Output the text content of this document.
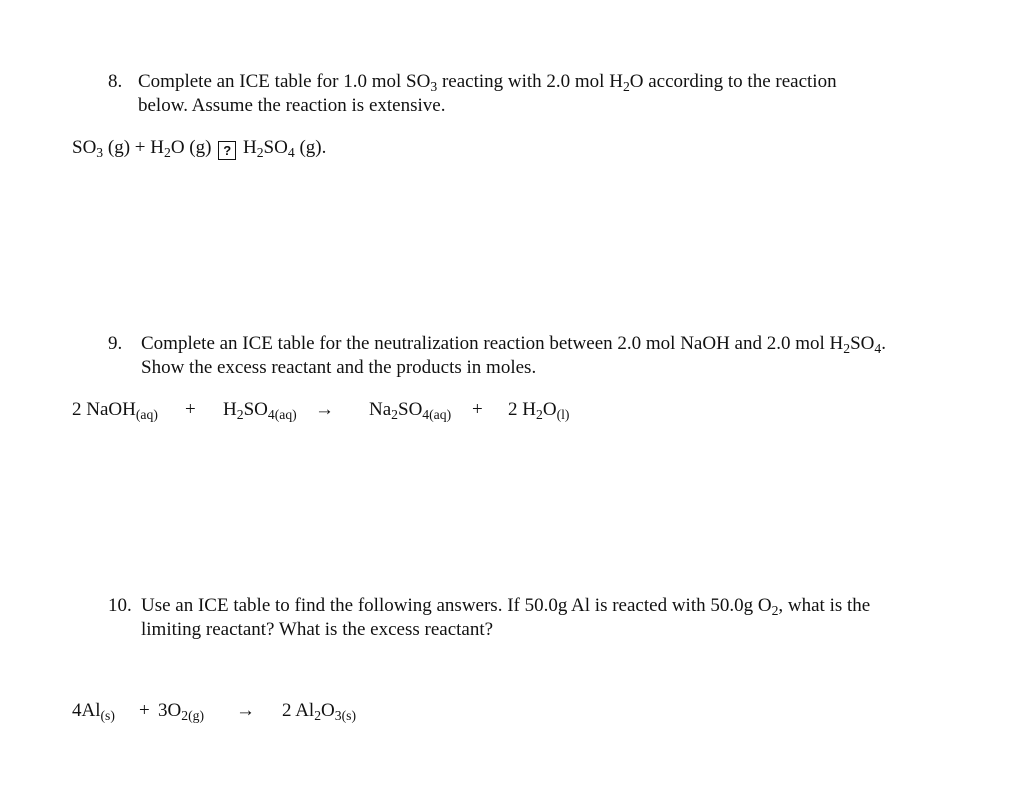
8. Complete an ICE table for 1.0 mol $SO_3$ reacting with 2.0 mol $H_2O$ according to the reaction
below. Assume the reaction is extensive.
$SO_3$ $(g) + H_2O$ (g) ? $H_2SO_4$ (g).
9. Complete an ICE table for the neutralization reaction between 2.0 mol NaOH and 2.0 mol $H_2SO_4$.
Show the excess reactant and the products in moles.
2 NaOH$_{(aq)}$ + $H_2SO_{4(aq)} \to Na_2SO_{4(aq)} + 2$ $H_2O_{(l)}$
10. Use an ICE table to find the following answers. If 50.0g Al is reacted with 50.0g $O_2$, what is the
limiting reactant? What is the excess reactant?
$4Al_{(s)} + 3O_{2(g)} \to 2$ $Al_2O_{3(s)}$
